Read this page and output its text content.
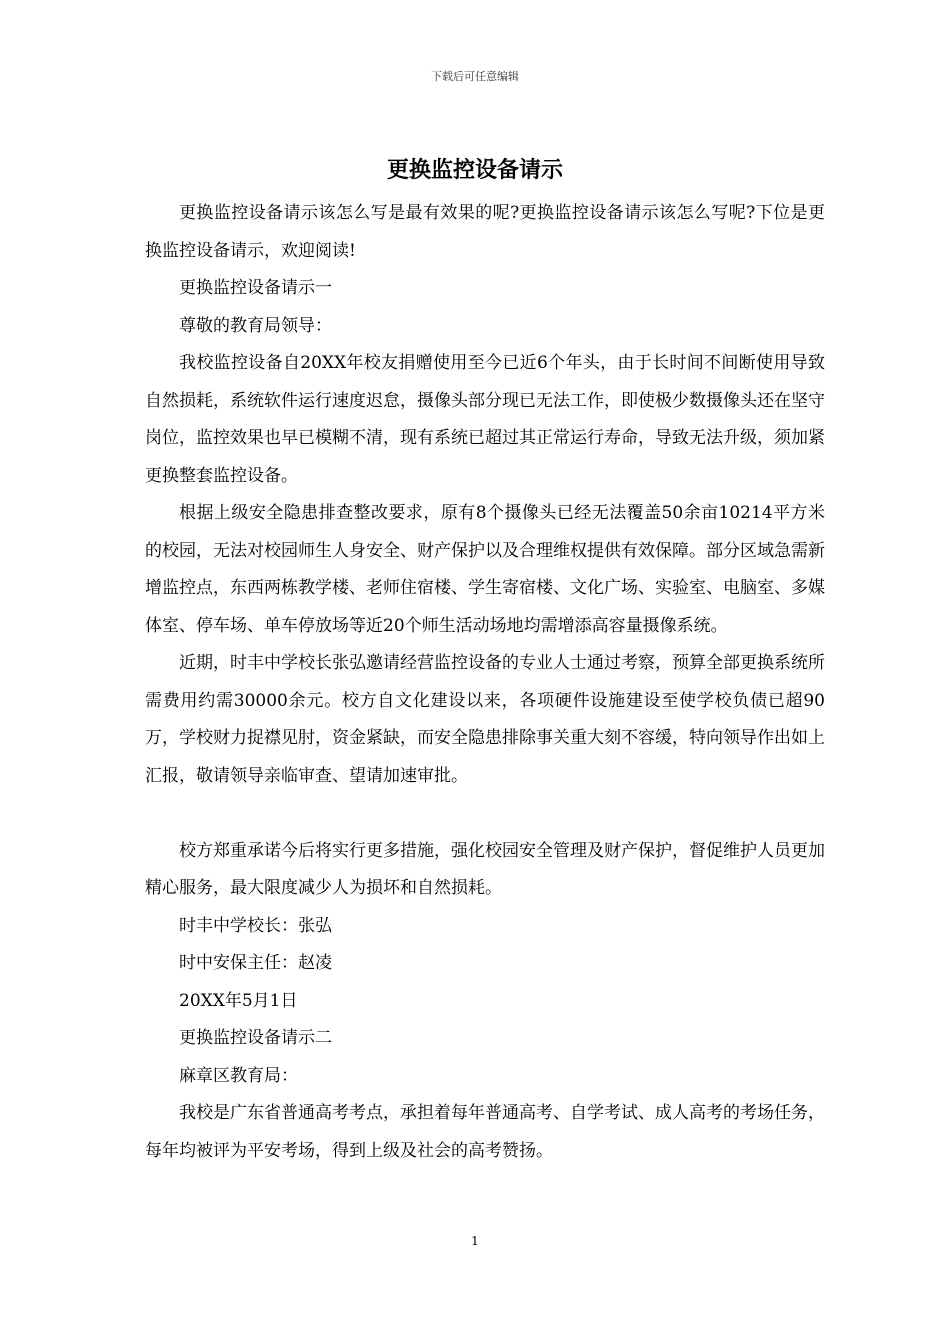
下载后可任意编辑
更换监控设备请示

更换监控设备请示该怎么写是最有效果的呢?更换监控设备请示该怎么写呢?下位是更换监控设备请示，欢迎阅读!

更换监控设备请示一

尊敬的教育局领导：

我校监控设备自20XX年校友捐赠使用至今已近6个年头，由于长时间不间断使用导致自然损耗，系统软件运行速度迟怠，摄像头部分现已无法工作，即使极少数摄像头还在坚守岗位，监控效果也早已模糊不清，现有系统已超过其正常运行寿命，导致无法升级，须加紧更换整套监控设备。

根据上级安全隐患排查整改要求，原有8个摄像头已经无法覆盖50余亩10214平方米的校园，无法对校园师生人身安全、财产保护以及合理维权提供有效保障。部分区域急需新增监控点，东西两栋教学楼、老师住宿楼、学生寄宿楼、文化广场、实验室、电脑室、多媒体室、停车场、单车停放场等近20个师生活动场地均需增添高容量摄像系统。

近期，时丰中学校长张弘邀请经营监控设备的专业人士通过考察，预算全部更换系统所需费用约需30000余元。校方自文化建设以来，各项硬件设施建设至使学校负债已超90万，学校财力捉襟见肘，资金紧缺，而安全隐患排除事关重大刻不容缓，特向领导作出如上汇报，敬请领导亲临审查、望请加速审批。

校方郑重承诺今后将实行更多措施，强化校园安全管理及财产保护，督促维护人员更加精心服务，最大限度减少人为损坏和自然损耗。

时丰中学校长：张弘

时中安保主任：赵凌

20XX年5月1日

更换监控设备请示二

麻章区教育局：

我校是广东省普通高考考点，承担着每年普通高考、自学考试、成人高考的考场任务，每年均被评为平安考场，得到上级及社会的高考赞扬。

1
